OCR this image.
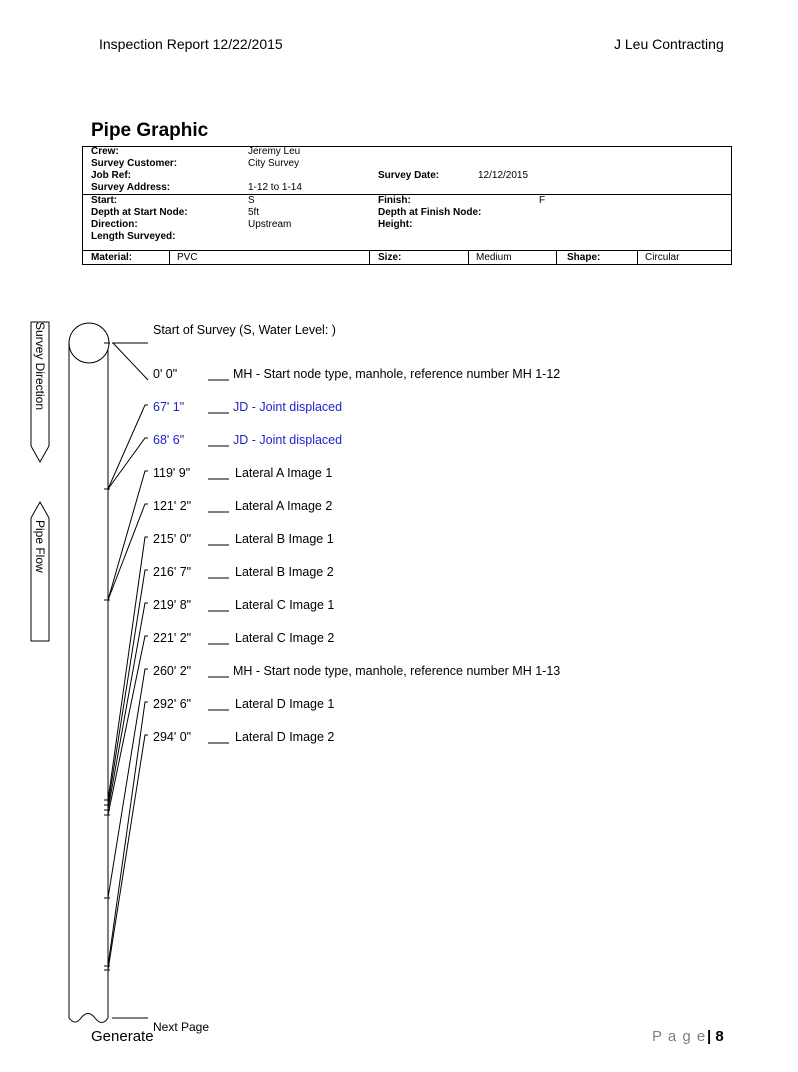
Inspection Report 12/22/2015	J Leu Contracting
Pipe Graphic
Crew:	Jeremy Leu		
Survey Customer:	City Survey		
Job Ref:		Survey Date:	12/12/2015
Survey Address:	1-12 to 1-14		
Start:	S	Finish:	F
Depth at Start Node:	5ft	Depth at Finish Node:	
Direction:	Upstream	Height:	
Length Surveyed:			
Material:	PVC	Size:	Medium	Shape:	Circular
Survey Direction
Pipe Flow
Start of Survey (S, Water Level: )
0' 0"	MH - Start node type, manhole, reference number MH 1-12
67' 1"	JD - Joint displaced
68' 6"	JD - Joint displaced
119' 9"	Lateral A Image 1
121' 2"	Lateral A Image 2
215' 0"	Lateral B Image 1
216' 7"	Lateral B Image 2
219' 8"	Lateral C Image 1
221' 2"	Lateral C Image 2
260' 2"	MH - Start node type, manhole, reference number MH 1-13
292' 6"	Lateral D Image 1
294' 0"	Lateral D Image 2
Next Page
Generate	P a g e | 8
